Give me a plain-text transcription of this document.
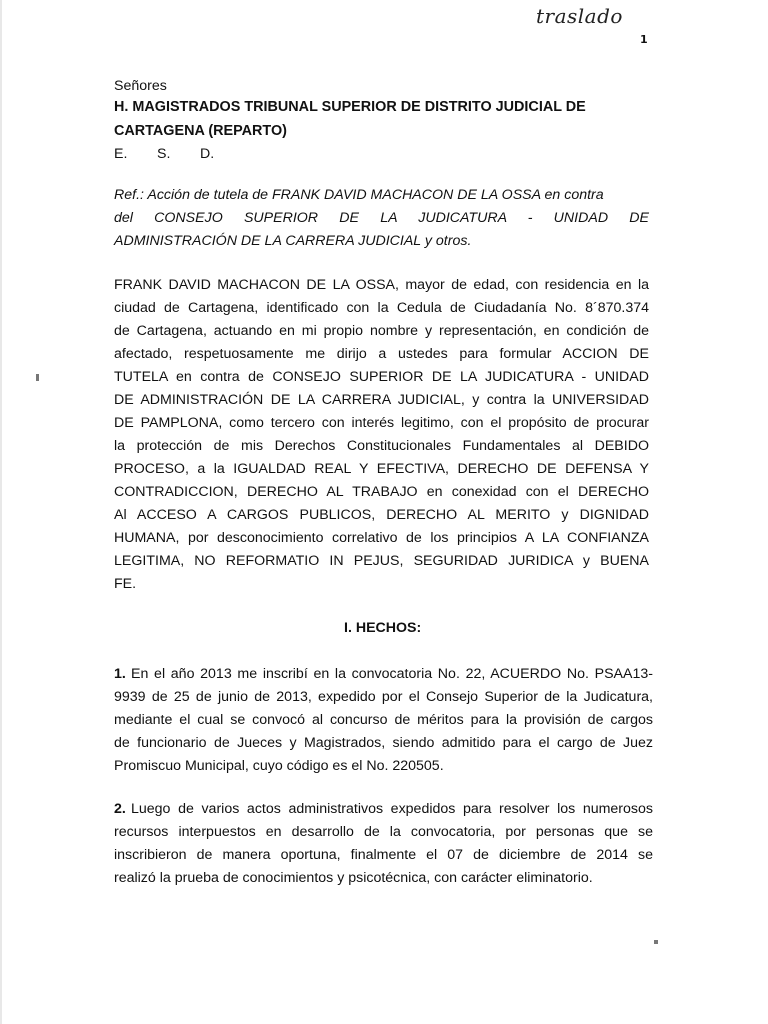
traslado
1
Señores
H. MAGISTRADOS TRIBUNAL SUPERIOR DE DISTRITO JUDICIAL DE
CARTAGENA (REPARTO)
E. S. D.
Ref.: Acción de tutela de FRANK DAVID MACHACON DE LA OSSA en contra
del CONSEJO SUPERIOR DE LA JUDICATURA - UNIDAD DE
ADMINISTRACIÓN DE LA CARRERA JUDICIAL y otros.
FRANK DAVID MACHACON DE LA OSSA, mayor de edad, con residencia en la
ciudad de Cartagena, identificado con la Cedula de Ciudadanía No. 8´870.374
de Cartagena, actuando en mi propio nombre y representación, en condición de
afectado, respetuosamente me dirijo a ustedes para formular ACCION DE
TUTELA en contra de CONSEJO SUPERIOR DE LA JUDICATURA - UNIDAD
DE ADMINISTRACIÓN DE LA CARRERA JUDICIAL, y contra la UNIVERSIDAD
DE PAMPLONA, como tercero con interés legitimo, con el propósito de procurar
la protección de mis Derechos Constitucionales Fundamentales al DEBIDO
PROCESO, a la IGUALDAD REAL Y EFECTIVA, DERECHO DE DEFENSA Y
CONTRADICCION, DERECHO AL TRABAJO en conexidad con el DERECHO
Al ACCESO A CARGOS PUBLICOS, DERECHO AL MERITO y DIGNIDAD
HUMANA, por desconocimiento correlativo de los principios A LA CONFIANZA
LEGITIMA, NO REFORMATIO IN PEJUS, SEGURIDAD JURIDICA y BUENA
FE.
I. HECHOS:
1. En el año 2013 me inscribí en la convocatoria No. 22, ACUERDO No. PSAA13-
9939 de 25 de junio de 2013, expedido por el Consejo Superior de la Judicatura,
mediante el cual se convocó al concurso de méritos para la provisión de cargos
de funcionario de Jueces y Magistrados, siendo admitido para el cargo de Juez
Promiscuo Municipal, cuyo código es el No. 220505.
2. Luego de varios actos administrativos expedidos para resolver los numerosos
recursos interpuestos en desarrollo de la convocatoria, por personas que se
inscribieron de manera oportuna, finalmente el 07 de diciembre de 2014 se
realizó la prueba de conocimientos y psicotécnica, con carácter eliminatorio.
